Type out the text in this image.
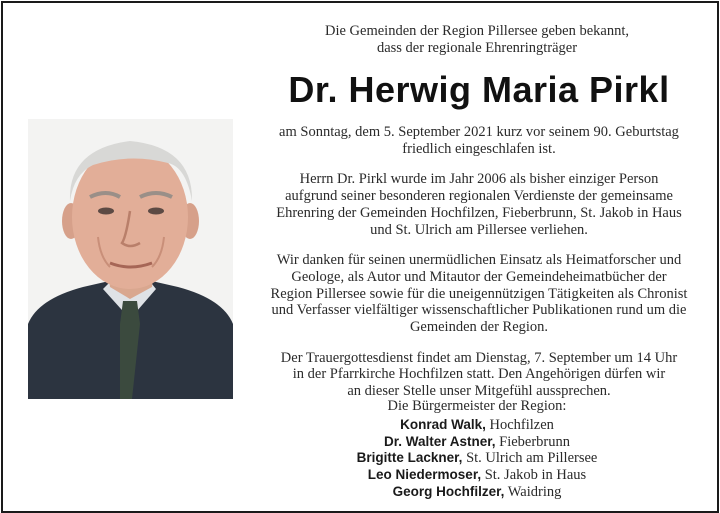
Die Gemeinden der Region Pillersee geben bekannt,
dass der regionale Ehrenringträger
Dr. Herwig Maria Pirkl

am Sonntag, dem 5. September 2021 kurz vor seinem 90. Geburtstag
friedlich eingeschlafen ist.

Herrn Dr. Pirkl wurde im Jahr 2006 als bisher einziger Person
aufgrund seiner besonderen regionalen Verdienste der gemeinsame
Ehrenring der Gemeinden Hochfilzen, Fieberbrunn, St. Jakob in Haus
und St. Ulrich am Pillersee verliehen.

Wir danken für seinen unermüdlichen Einsatz als Heimatforscher und
Geologe, als Autor und Mitautor der Gemeindeheimatbücher der
Region Pillersee sowie für die uneigennützigen Tätigkeiten als Chronist
und Verfasser vielfältiger wissenschaftlicher Publikationen rund um die
Gemeinden der Region.

Der Trauergottesdienst findet am Dienstag, 7. September um 14 Uhr
in der Pfarrkirche Hochfilzen statt. Den Angehörigen dürfen wir
an dieser Stelle unser Mitgefühl aussprechen.

Die Bürgermeister der Region:
Konrad Walk, Hochfilzen
Dr. Walter Astner, Fieberbrunn
Brigitte Lackner, St. Ulrich am Pillersee
Leo Niedermoser, St. Jakob in Haus
Georg Hochfilzer, Waidring
